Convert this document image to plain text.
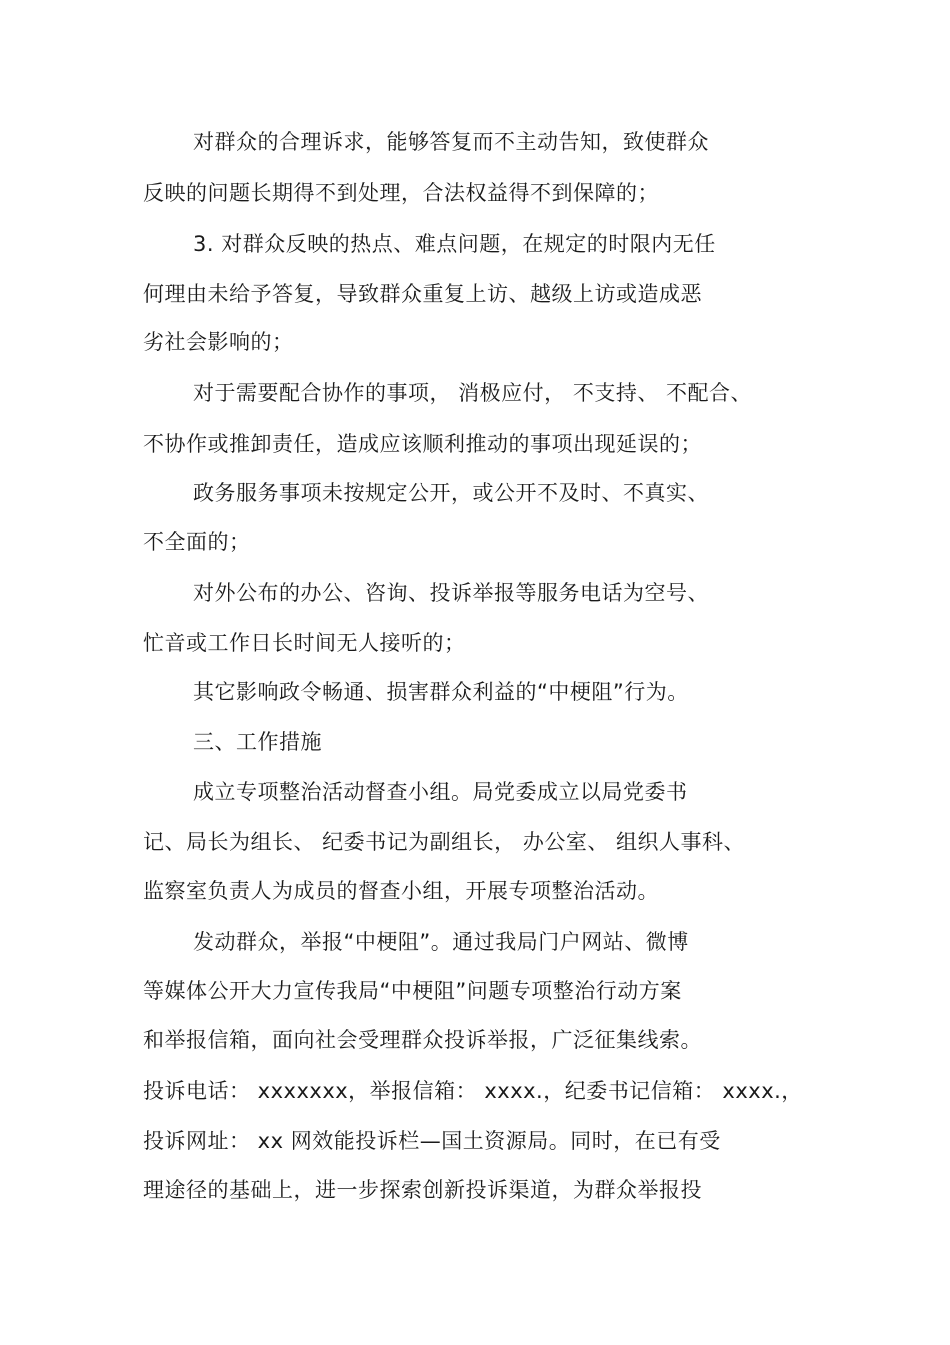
对群众的合理诉求，能够答复而不主动告知，致使群众
反映的问题长期得不到处理，合法权益得不到保障的；
3. 对群众反映的热点、难点问题，在规定的时限内无任
何理由未给予答复，导致群众重复上访、越级上访或造成恶
劣社会影响的；
对于需要配合协作的事项， 消极应付， 不支持、 不配合、
不协作或推卸责任，造成应该顺利推动的事项出现延误的；
政务服务事项未按规定公开，或公开不及时、不真实、
不全面的；
对外公布的办公、咨询、投诉举报等服务电话为空号、
忙音或工作日长时间无人接听的；
其它影响政令畅通、损害群众利益的“中梗阻”行为。
三、工作措施
成立专项整治活动督查小组。局党委成立以局党委书
记、局长为组长、 纪委书记为副组长， 办公室、 组织人事科、
监察室负责人为成员的督查小组，开展专项整治活动。
发动群众，举报“中梗阻”。通过我局门户网站、微博
等媒体公开大力宣传我局“中梗阻”问题专项整治行动方案
和举报信箱，面向社会受理群众投诉举报，广泛征集线索。
投诉电话： xxxxxxx，举报信箱： xxxx.，纪委书记信箱： xxxx.，
投诉网址： xx 网效能投诉栏—国土资源局。同时，在已有受
理途径的基础上，进一步探索创新投诉渠道，为群众举报投
